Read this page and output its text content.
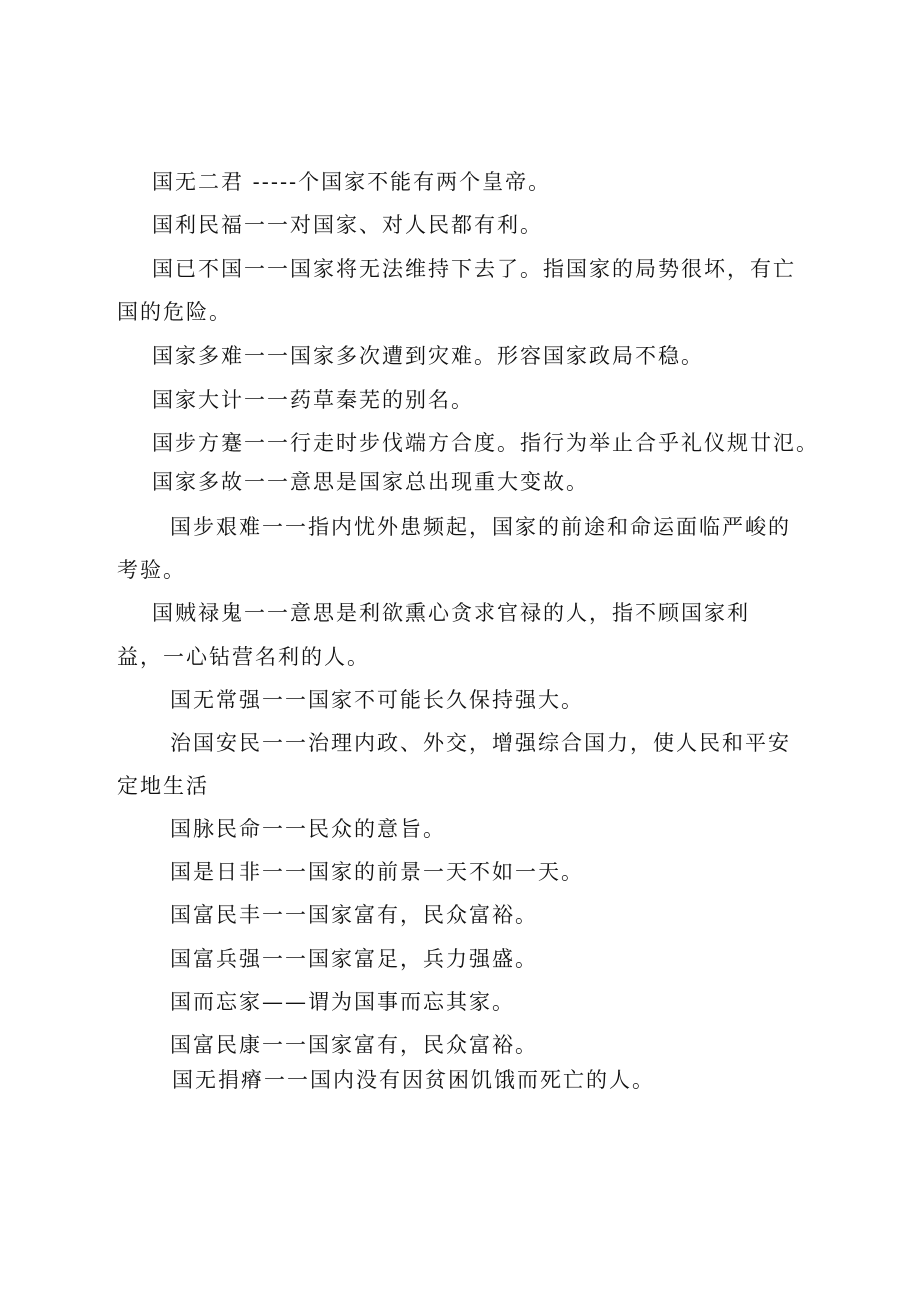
国无二君 -----个国家不能有两个皇帝。
国利民福一一对国家、对人民都有利。
国已不国一一国家将无法维持下去了。指国家的局势很坏，有亡
国的危险。
国家多难一一国家多次遭到灾难。形容国家政局不稳。
国家大计一一药草秦芜的别名。
国步方蹇一一行走时步伐端方合度。指行为举止合乎礼仪规廿氾。
国家多故一一意思是国家总出现重大变故。
国步艰难一一指内忧外患频起，国家的前途和命运面临严峻的
考验。
国贼禄鬼一一意思是利欲熏心贪求官禄的人，指不顾国家利
益，一心钻营名利的人。
国无常强一一国家不可能长久保持强大。
治国安民一一治理内政、外交，增强综合国力，使人民和平安
定地生活
国脉民命一一民众的意旨。
国是日非一一国家的前景一天不如一天。
国富民丰一一国家富有，民众富裕。
国富兵强一一国家富足，兵力强盛。
国而忘家——谓为国事而忘其家。
国富民康一一国家富有，民众富裕。
国无捐瘠一一国内没有因贫困饥饿而死亡的人。
